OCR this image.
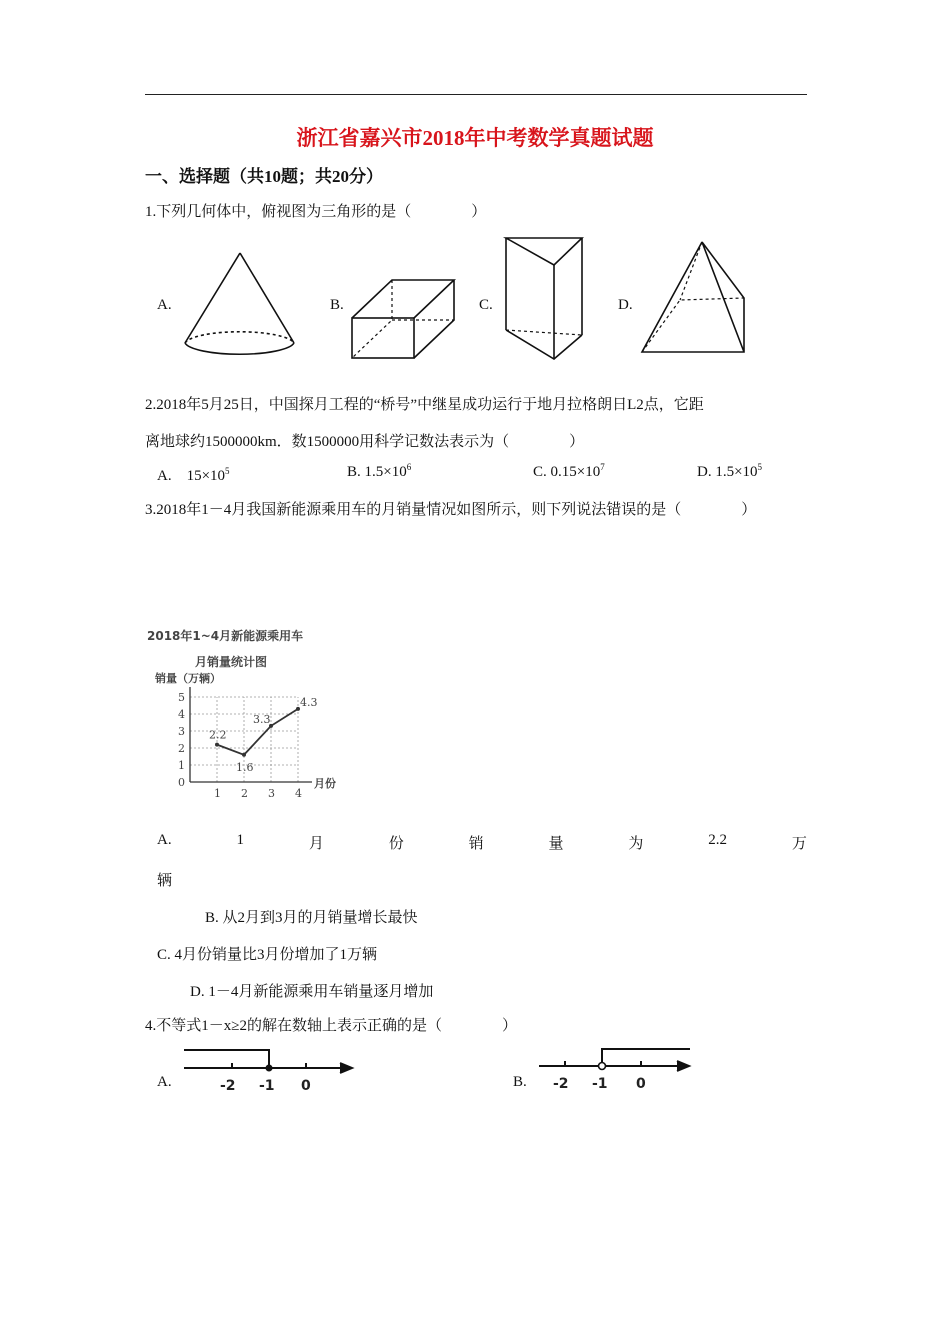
浙江省嘉兴市2018年中考数学真题试题
一、选择题（共10题；共20分）
1.下列几何体中，俯视图为三角形的是（　　　　）
A.	B.	C.	D.
2.2018年5月25日，中国探月工程的“桥号”中继星成功运行于地月拉格朗日L2点，它距
离地球约1500000km．数1500000用科学记数法表示为（　　　　）
A.　$15\times 10^5$	B. $1.5\times 10^6$	C. $0.15\times 10^7$	D. $1.5\times 10^5$
3.2018年1－4月我国新能源乘用车的月销量情况如图所示，则下列说法错误的是（　　　　）
2018年1~4月新能源乘用车
月销量统计图
销量（万辆）
0
1
2
3
4
5
1 2 3 4
月份
2.2
1.6
3.3
4.3
A.	1	月	份	销	量	为	2.2	万
辆
B. 从2月到3月的月销量增长最快
C. 4月份销量比3月份增加了1万辆
D. 1－4月新能源乘用车销量逐月增加
4.不等式1－x≥2的解在数轴上表示正确的是（　　　　）
A.	-2 -1 0	B. -2 -1 0
